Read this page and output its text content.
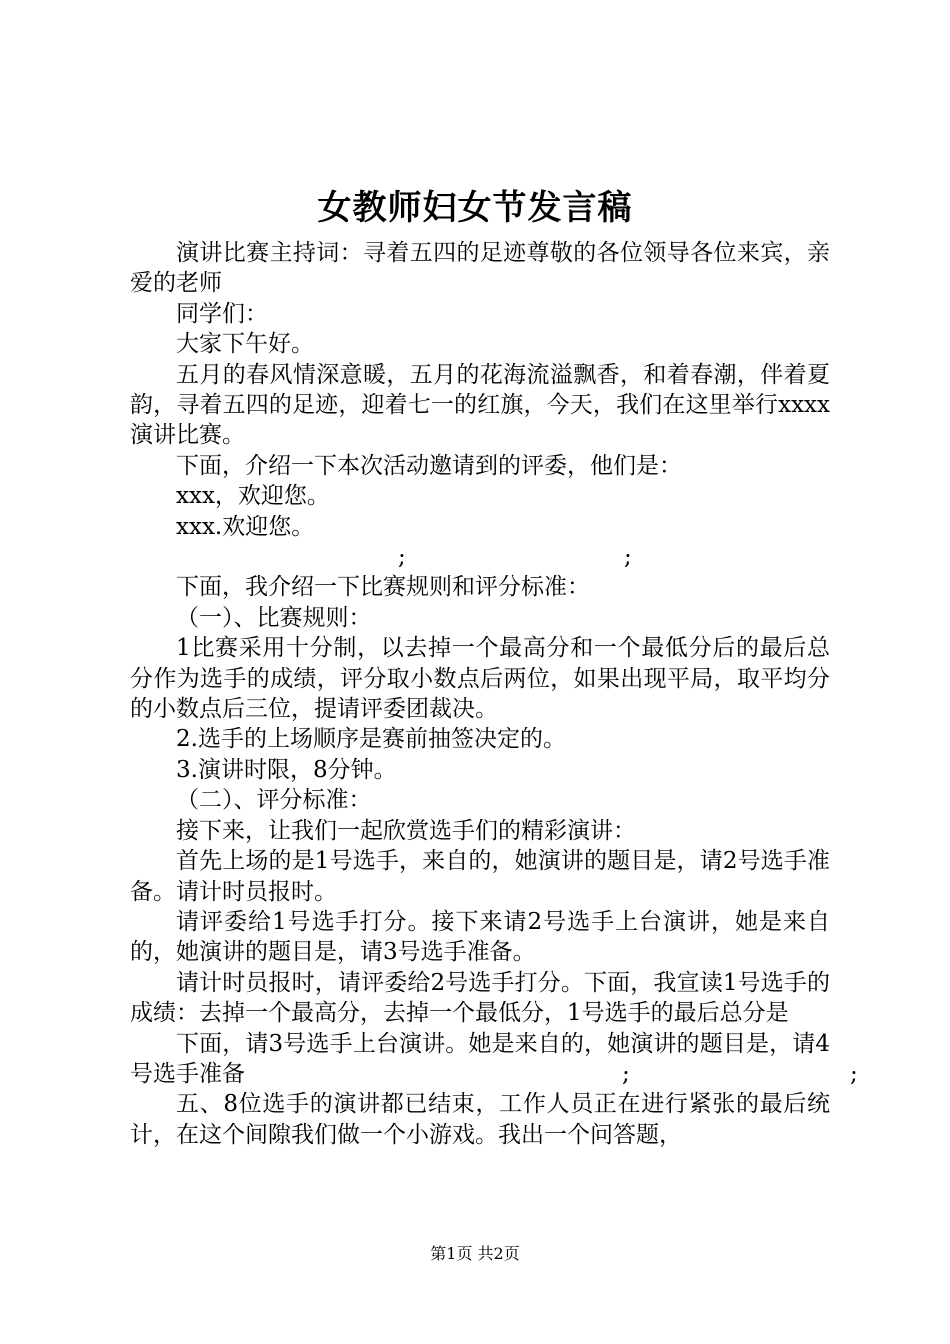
女教师妇女节发言稿

演讲比赛主持词：寻着五四的足迹尊敬的各位领导各位来宾，亲爱的老师

同学们：

大家下午好。

五月的春风情深意暖，五月的花海流溢飘香，和着春潮，伴着夏韵，寻着五四的足迹，迎着七一的红旗，今天，我们在这里举行xxxx演讲比赛。

下面，介绍一下本次活动邀请到的评委，他们是：

xxx，欢迎您。

xxx.欢迎您。

;	;

下面，我介绍一下比赛规则和评分标准：

（一）、比赛规则：

1比赛采用十分制，以去掉一个最高分和一个最低分后的最后总分作为选手的成绩，评分取小数点后两位，如果出现平局，取平均分的小数点后三位，提请评委团裁决。

2.选手的上场顺序是赛前抽签决定的。

3.演讲时限，8分钟。

（二）、评分标准：

接下来，让我们一起欣赏选手们的精彩演讲：

首先上场的是1号选手，来自的，她演讲的题目是，请2号选手准备。请计时员报时。

请评委给1号选手打分。接下来请2号选手上台演讲，她是来自的，她演讲的题目是，请3号选手准备。

请计时员报时，请评委给2号选手打分。下面，我宣读1号选手的成绩：去掉一个最高分，去掉一个最低分，1号选手的最后总分是

下面，请3号选手上台演讲。她是来自的，她演讲的题目是，请4号选手准备	;	;

五、8位选手的演讲都已结束，工作人员正在进行紧张的最后统计，在这个间隙我们做一个小游戏。我出一个问答题，

第1页 共2页
